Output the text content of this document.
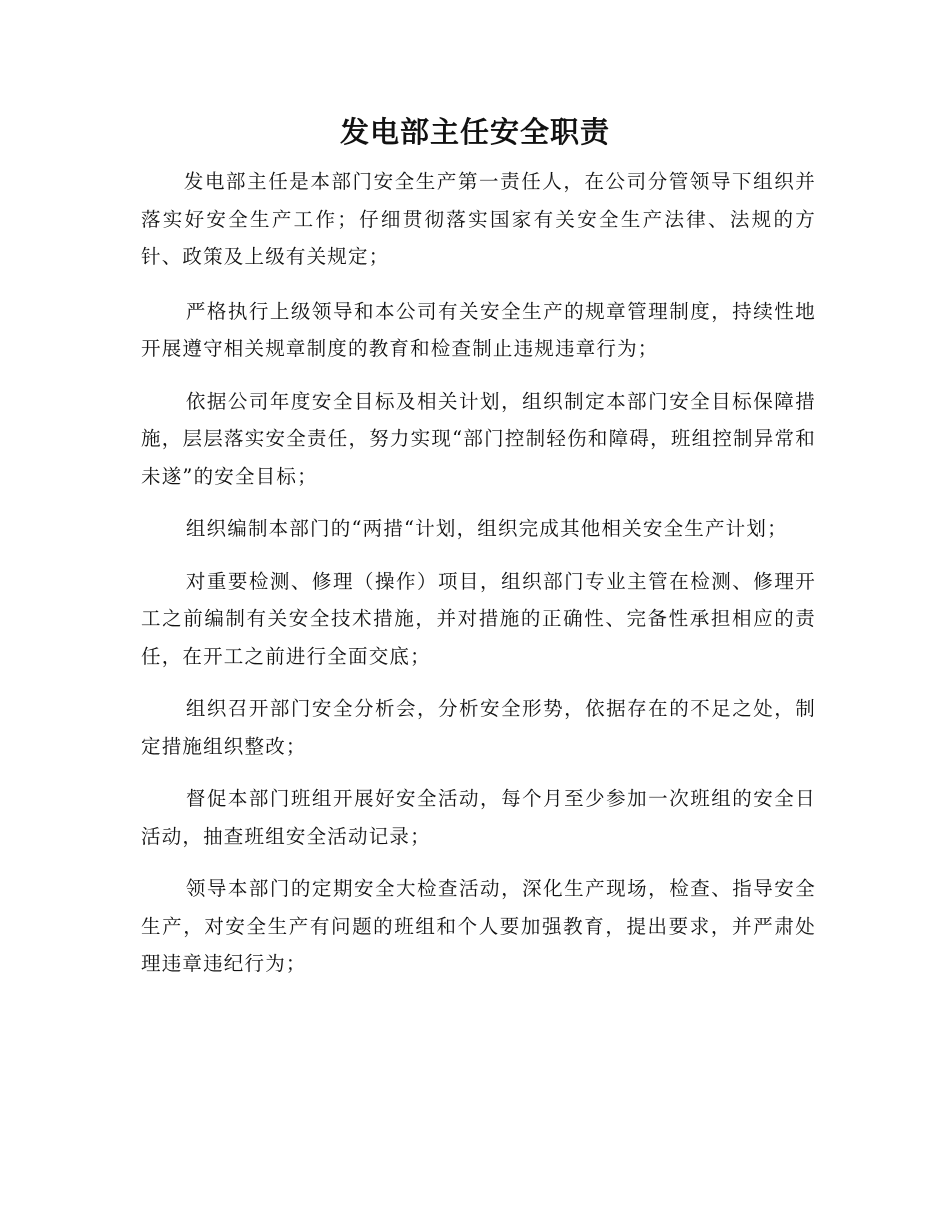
发电部主任安全职责

发电部主任是本部门安全生产第一责任人，在公司分管领导下组织并落实好安全生产工作；仔细贯彻落实国家有关安全生产法律、法规的方针、政策及上级有关规定；

严格执行上级领导和本公司有关安全生产的规章管理制度，持续性地开展遵守相关规章制度的教育和检查制止违规违章行为；

依据公司年度安全目标及相关计划，组织制定本部门安全目标保障措施，层层落实安全责任，努力实现“部门控制轻伤和障碍，班组控制异常和未遂”的安全目标；

组织编制本部门的“两措“计划，组织完成其他相关安全生产计划；

对重要检测、修理（操作）项目，组织部门专业主管在检测、修理开工之前编制有关安全技术措施，并对措施的正确性、完备性承担相应的责任，在开工之前进行全面交底；

组织召开部门安全分析会，分析安全形势，依据存在的不足之处，制定措施组织整改；

督促本部门班组开展好安全活动，每个月至少参加一次班组的安全日活动，抽查班组安全活动记录；

领导本部门的定期安全大检查活动，深化生产现场，检查、指导安全生产，对安全生产有问题的班组和个人要加强教育，提出要求，并严肃处理违章违纪行为；
